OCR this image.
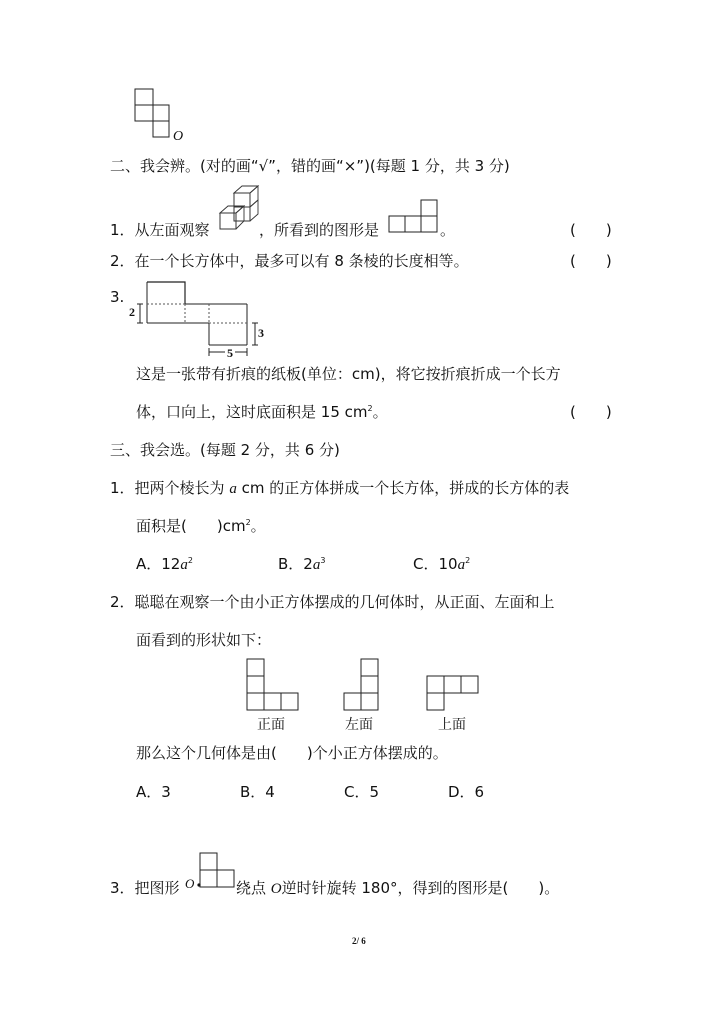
O
二、我会辨。(对的画“√”，错的画“×”)(每题 1 分，共 3 分)
1．从左面观察	，所看到的图形是	。	(　　)
2．在一个长方体中，最多可以有 8 条棱的长度相等。	(　　)
3.
2
3
5
这是一张带有折痕的纸板(单位：cm)，将它按折痕折成一个长方
体，口向上，这时底面积是 15 $cm^2$。	(　　)
三、我会选。(每题 2 分，共 6 分)
1．把两个棱长为 a cm 的正方体拼成一个长方体，拼成的长方体的表
面积是(　　)$cm^2$。
A．$12a^2$	B．$2a^3$	C．$10a^2$
2．聪聪在观察一个由小正方体摆成的几何体时，从正面、左面和上
面看到的形状如下：
正面	左面	上面
那么这个几何体是由(　　)个小正方体摆成的。
A．3	B．4	C．5	D．6
3．把图形 O	绕点 O逆时针旋转 180°，得到的图形是(　　)。
2/ 6
